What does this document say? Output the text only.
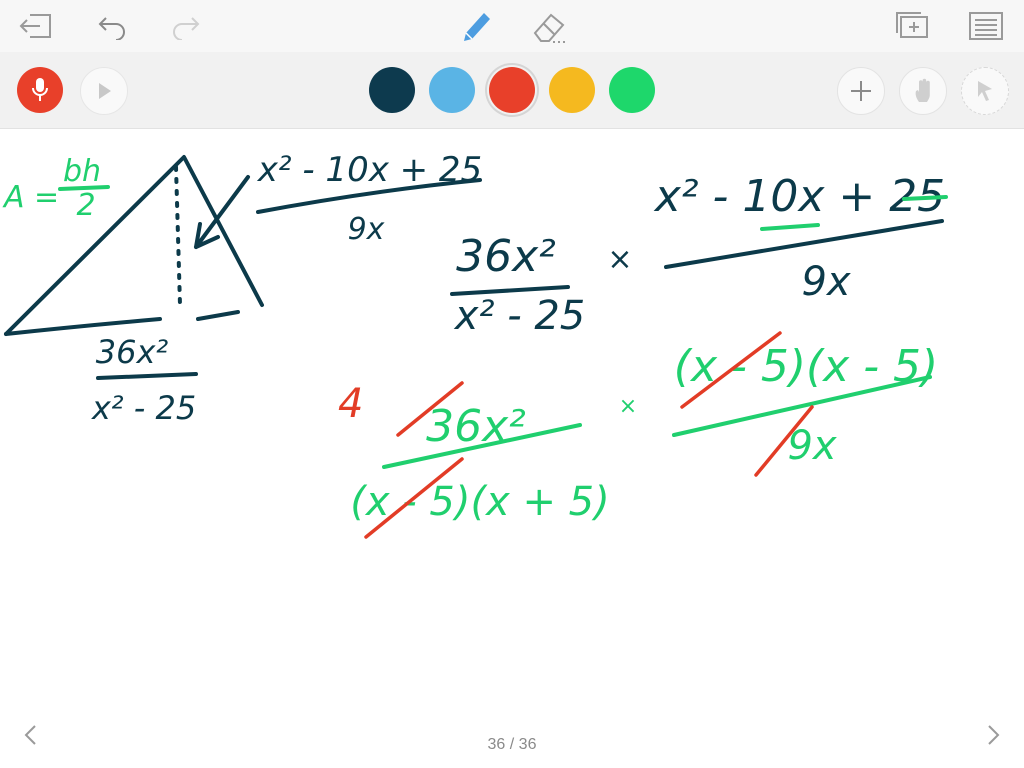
A =
bh
2
x² - 10x + 25
9x
36x²
x² - 25
36x²
x² - 25
×
x² - 10x + 25
9x
4 36x²
(x - 5)(x + 5)
×
(x - 5)(x - 5)
9x
36 / 36
